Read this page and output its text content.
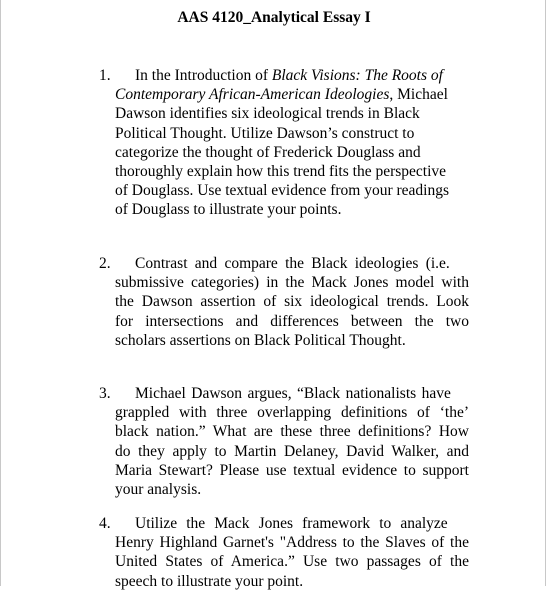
AAS 4120_Analytical Essay I
1. In the Introduction of Black Visions: The Roots of
Contemporary African-American Ideologies, Michael
Dawson identifies six ideological trends in Black
Political Thought. Utilize Dawson’s construct to
categorize the thought of Frederick Douglass and
thoroughly explain how this trend fits the perspective
of Douglass. Use textual evidence from your readings
of Douglass to illustrate your points.
2. Contrast and compare the Black ideologies (i.e.
submissive categories) in the Mack Jones model with
the Dawson assertion of six ideological trends. Look
for intersections and differences between the two
scholars assertions on Black Political Thought.
3. Michael Dawson argues, “Black nationalists have
grappled with three overlapping definitions of ‘the’
black nation.” What are these three definitions? How
do they apply to Martin Delaney, David Walker, and
Maria Stewart? Please use textual evidence to support
your analysis.
4. Utilize the Mack Jones framework to analyze
Henry Highland Garnet's "Address to the Slaves of the
United States of America.” Use two passages of the
speech to illustrate your point.
